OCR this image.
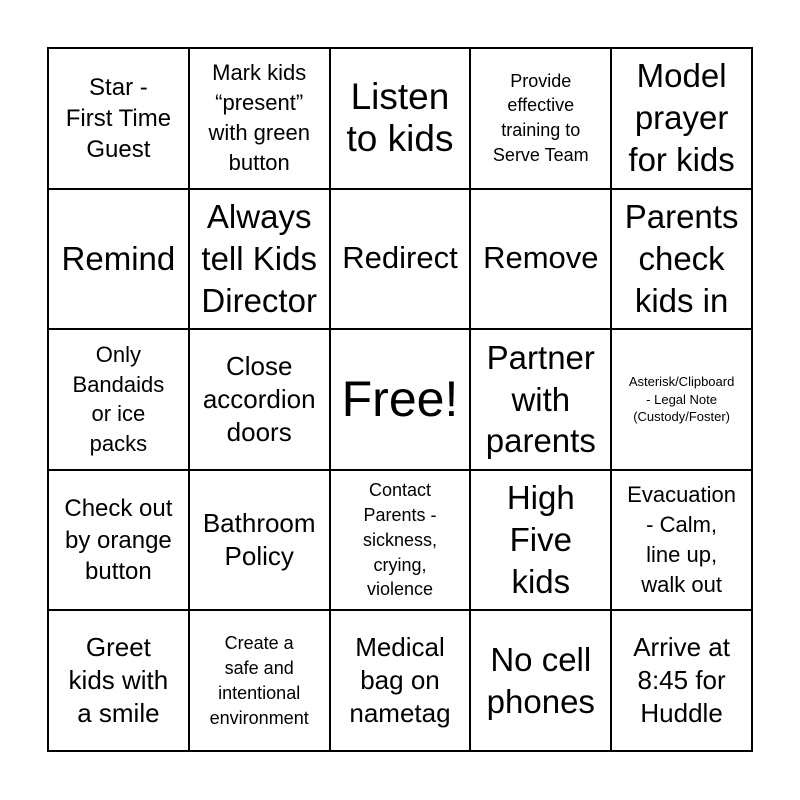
Star -
First Time
Guest
Mark kids
“present”
with green
button
Listen
to kids
Provide
effective
training to
Serve Team
Model
prayer
for kids
Remind
Always
tell Kids
Director
Redirect Remove
Parents
check
kids in
Only
Bandaids
or ice
packs
Close
accordion
doors
Free!
Partner
with
parents
Asterisk/Clipboard
- Legal Note
(Custody/Foster)
Check out
by orange
button
Bathroom
Policy
Contact
Parents -
sickness,
crying,
violence
High
Five
kids
Evacuation
- Calm,
line up,
walk out
Greet
kids with
a smile
Create a
safe and
intentional
environment
Medical
bag on
nametag
No cell
phones
Arrive at
8:45 for
Huddle
